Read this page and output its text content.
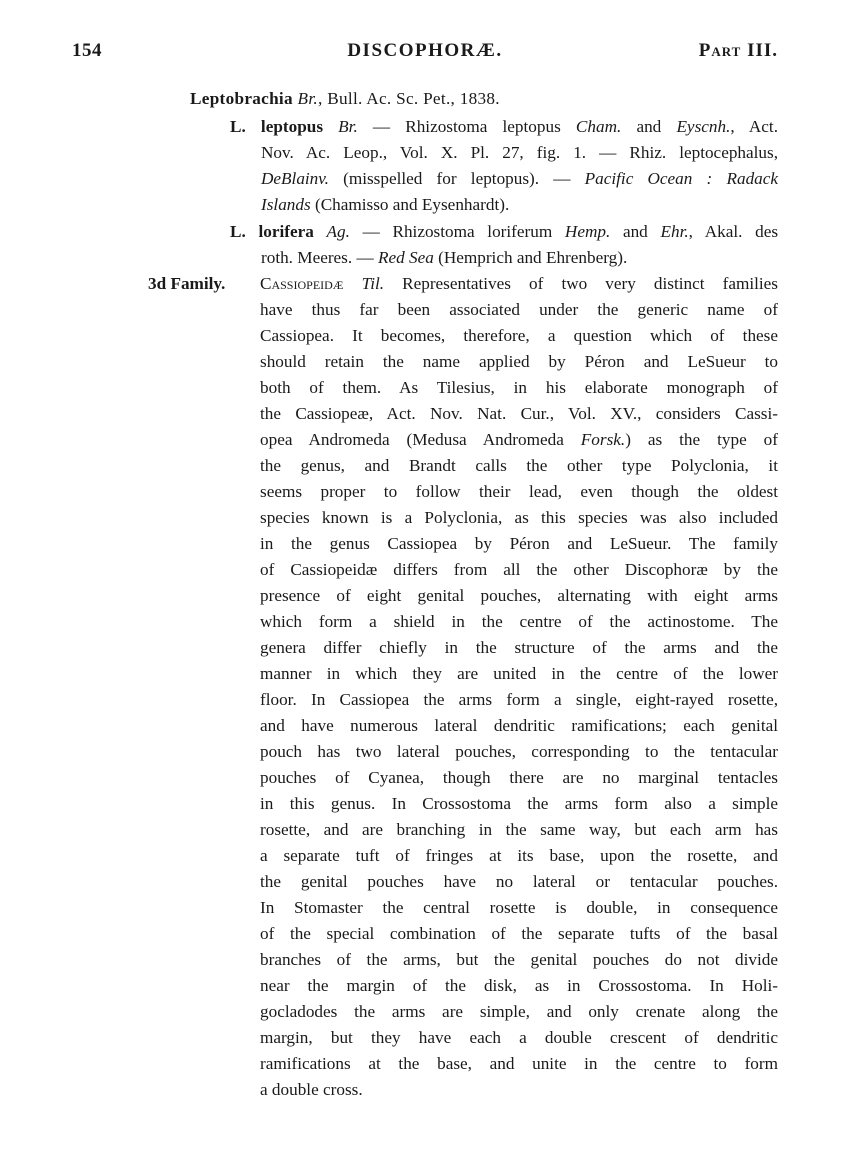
DISCOPHORÆ.
154	Part III.
Leptobrachia Br., Bull. Ac. Sc. Pet., 1838.
L. leptopus Br. — Rhizostoma leptopus Cham. and Eyscnh., Act.
Nov. Ac. Leop., Vol. X. Pl. 27, fig. 1. — Rhiz. leptocephalus,
DeBlainv. (misspelled for leptopus). — Pacific Ocean : Radack
Islands (Chamisso and Eysenhardt).
L. lorifera Ag. — Rhizostoma loriferum Hemp. and Ehr., Akal. des
roth. Meeres. — Red Sea (Hemprich and Ehrenberg).
3d Family.	Cassiopeidæ Til. Representatives of two very distinct families
have thus far been associated under the generic name of
Cassiopea. It becomes, therefore, a question which of these
should retain the name applied by Péron and LeSueur to
both of them. As Tilesius, in his elaborate monograph of
the Cassiopeæ, Act. Nov. Nat. Cur., Vol. XV., considers Cassi-
opea Andromeda (Medusa Andromeda Forsk.) as the type of
the genus, and Brandt calls the other type Polyclonia, it
seems proper to follow their lead, even though the oldest
species known is a Polyclonia, as this species was also included
in the genus Cassiopea by Péron and LeSueur. The family
of Cassiopeidæ differs from all the other Discophoræ by the
presence of eight genital pouches, alternating with eight arms
which form a shield in the centre of the actinostome. The
genera differ chiefly in the structure of the arms and the
manner in which they are united in the centre of the lower
floor. In Cassiopea the arms form a single, eight-rayed rosette,
and have numerous lateral dendritic ramifications; each genital
pouch has two lateral pouches, corresponding to the tentacular
pouches of Cyanea, though there are no marginal tentacles
in this genus. In Crossostoma the arms form also a simple
rosette, and are branching in the same way, but each arm has
a separate tuft of fringes at its base, upon the rosette, and
the genital pouches have no lateral or tentacular pouches.
In Stomaster the central rosette is double, in consequence
of the special combination of the separate tufts of the basal
branches of the arms, but the genital pouches do not divide
near the margin of the disk, as in Crossostoma. In Holi-
gocladodes the arms are simple, and only crenate along the
margin, but they have each a double crescent of dendritic
ramifications at the base, and unite in the centre to form
a double cross.
